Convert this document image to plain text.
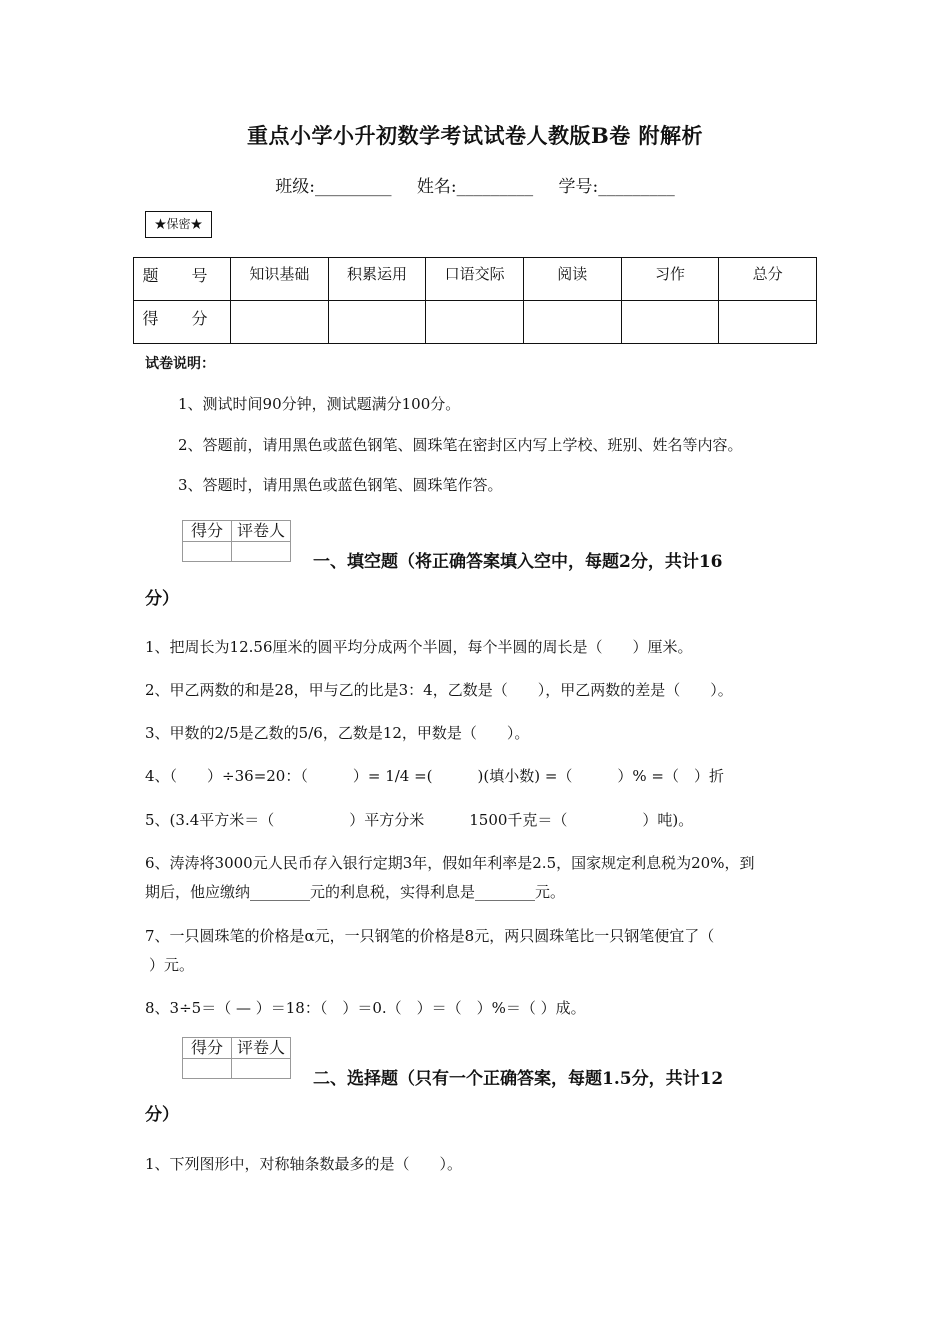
重点小学小升初数学考试试卷人教版B卷 附解析
班级:_________ 姓名:_________ 学号:_________
★保密★
题 号	知识基础	积累运用	口语交际	阅读	习作	总分
得 分						
试卷说明：
1、测试时间90分钟，测试题满分100分。
2、答题前，请用黑色或蓝色钢笔、圆珠笔在密封区内写上学校、班别、姓名等内容。
3、答题时，请用黑色或蓝色钢笔、圆珠笔作答。
得分	评卷人

一、填空题（将正确答案填入空中，每题2分，共计16
分）
1、把周长为12.56厘米的圆平均分成两个半圆，每个半圆的周长是（　　）厘米。
2、甲乙两数的和是28，甲与乙的比是3：4，乙数是（　　），甲乙两数的差是（　　）。
3、甲数的2/5是乙数的5/6，乙数是12，甲数是（　　）。
4、（　　）÷36=20：（　　　）= 1/4 =(　　　)(填小数) =（　　　）% =（　）折
5、(3.4平方米＝（　　　　　）平方分米　　　1500千克＝（　　　　　）吨)。
6、涛涛将3000元人民币存入银行定期3年，假如年利率是2.5，国家规定利息税为20%，到
期后，他应缴纳________元的利息税，实得利息是________元。
7、一只圆珠笔的价格是α元，一只钢笔的价格是8元，两只圆珠笔比一只钢笔便宜了（
）元。
8、3÷5＝（ — ）＝18：（　）＝0.（　）＝（　）%＝（ ）成。
得分	评卷人

二、选择题（只有一个正确答案，每题1.5分，共计12
分）
1、下列图形中，对称轴条数最多的是（　　）。
